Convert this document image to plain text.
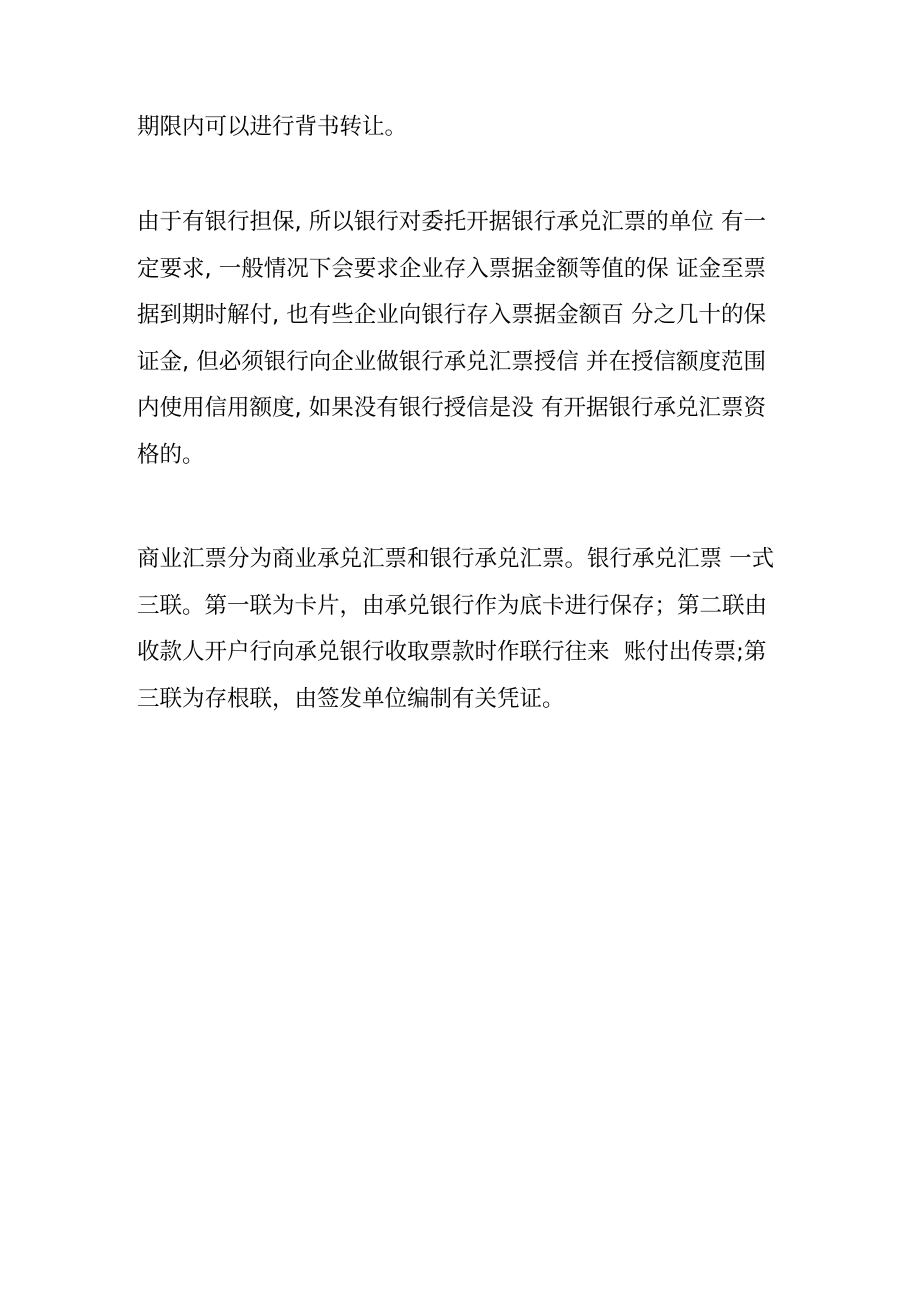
期限内可以进行背书转让。
由于有银行担保, 所以银行对委托开据银行承兑汇票的单位 有一
定要求, 一般情况下会要求企业存入票据金额等值的保 证金至票
据到期时解付, 也有些企业向银行存入票据金额百 分之几十的保
证金, 但必须银行向企业做银行承兑汇票授信 并在授信额度范围
内使用信用额度, 如果没有银行授信是没 有开据银行承兑汇票资
格的。
商业汇票分为商业承兑汇票和银行承兑汇票。银行承兑汇票 一式
三联。第一联为卡片，由承兑银行作为底卡进行保存；第二联由
收款人开户行向承兑银行收取票款时作联行往来  账付出传票;第
三联为存根联，由签发单位编制有关凭证。
